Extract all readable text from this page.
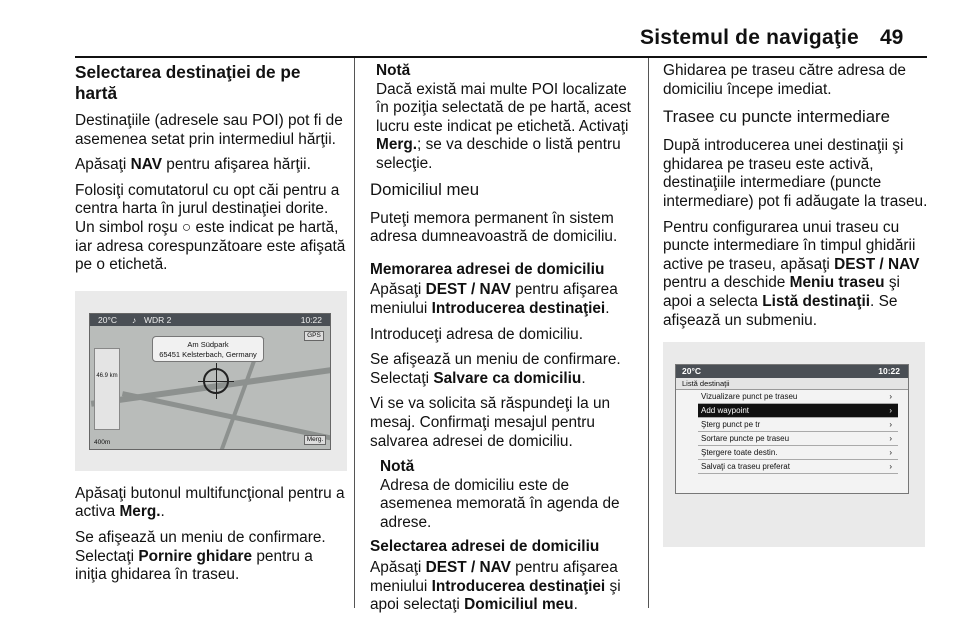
Sistemul de navigaţie 49
Selectarea destinaţiei de pe hartă

Destinaţiile (adresele sau POI) pot fi de asemenea setat prin intermediul hărţii.

Apăsaţi NAV pentru afişarea hărţii.

Folosiţi comutatorul cu opt căi pentru a centra harta în jurul destinaţiei dorite. Un simbol roşu ○ este indicat pe hartă, iar adresa corespunzătoare este afişată pe o etichetă.

20°C ♪ WDR 2	10:22
Am Südpark
65451 Kelsterbach, Germany
GPS
46.9 km
400m	Merg.

Apăsaţi butonul multifuncţional pentru a activa Merg..

Se afişează un meniu de confirmare. Selectaţi Pornire ghidare pentru a iniţia ghidarea în traseu.

Notă
Dacă există mai multe POI localizate în poziţia selectată de pe hartă, acest lucru este indicat pe etichetă. Activaţi Merg.; se va deschide o listă pentru selecţie.
Domiciliul meu

Puteţi memora permanent în sistem adresa dumneavoastră de domiciliu.

Memorarea adresei de domiciliu

Apăsaţi DEST / NAV pentru afişarea meniului Introducerea destinaţiei.

Introduceţi adresa de domiciliu.

Se afişează un meniu de confirmare. Selectaţi Salvare ca domiciliu.

Vi se va solicita să răspundeţi la un mesaj. Confirmaţi mesajul pentru salvarea adresei de domiciliu.

Notă
Adresa de domiciliu este de asemenea memorată în agenda de adrese.

Selectarea adresei de domiciliu

Apăsaţi DEST / NAV pentru afişarea meniului Introducerea destinaţiei şi apoi selectaţi Domiciliul meu.

Ghidarea pe traseu către adresa de domiciliu începe imediat.

Trasee cu puncte intermediare

După introducerea unei destinaţii şi ghidarea pe traseu este activă, destinaţiile intermediare (puncte intermediare) pot fi adăugate la traseu.

Pentru configurarea unui traseu cu puncte intermediare în timpul ghidării active pe traseu, apăsaţi DEST / NAV pentru a deschide Meniu traseu şi apoi a selecta Listă destinaţii. Se afişează un submeniu.

20°C	10:22
Listă destinaţii
Vizualizare punct pe traseu	›
Add waypoint	›
Şterg punct pe tr	›
Sortare puncte pe traseu	›
Ştergere toate destin.	›
Salvaţi ca traseu preferat	›
